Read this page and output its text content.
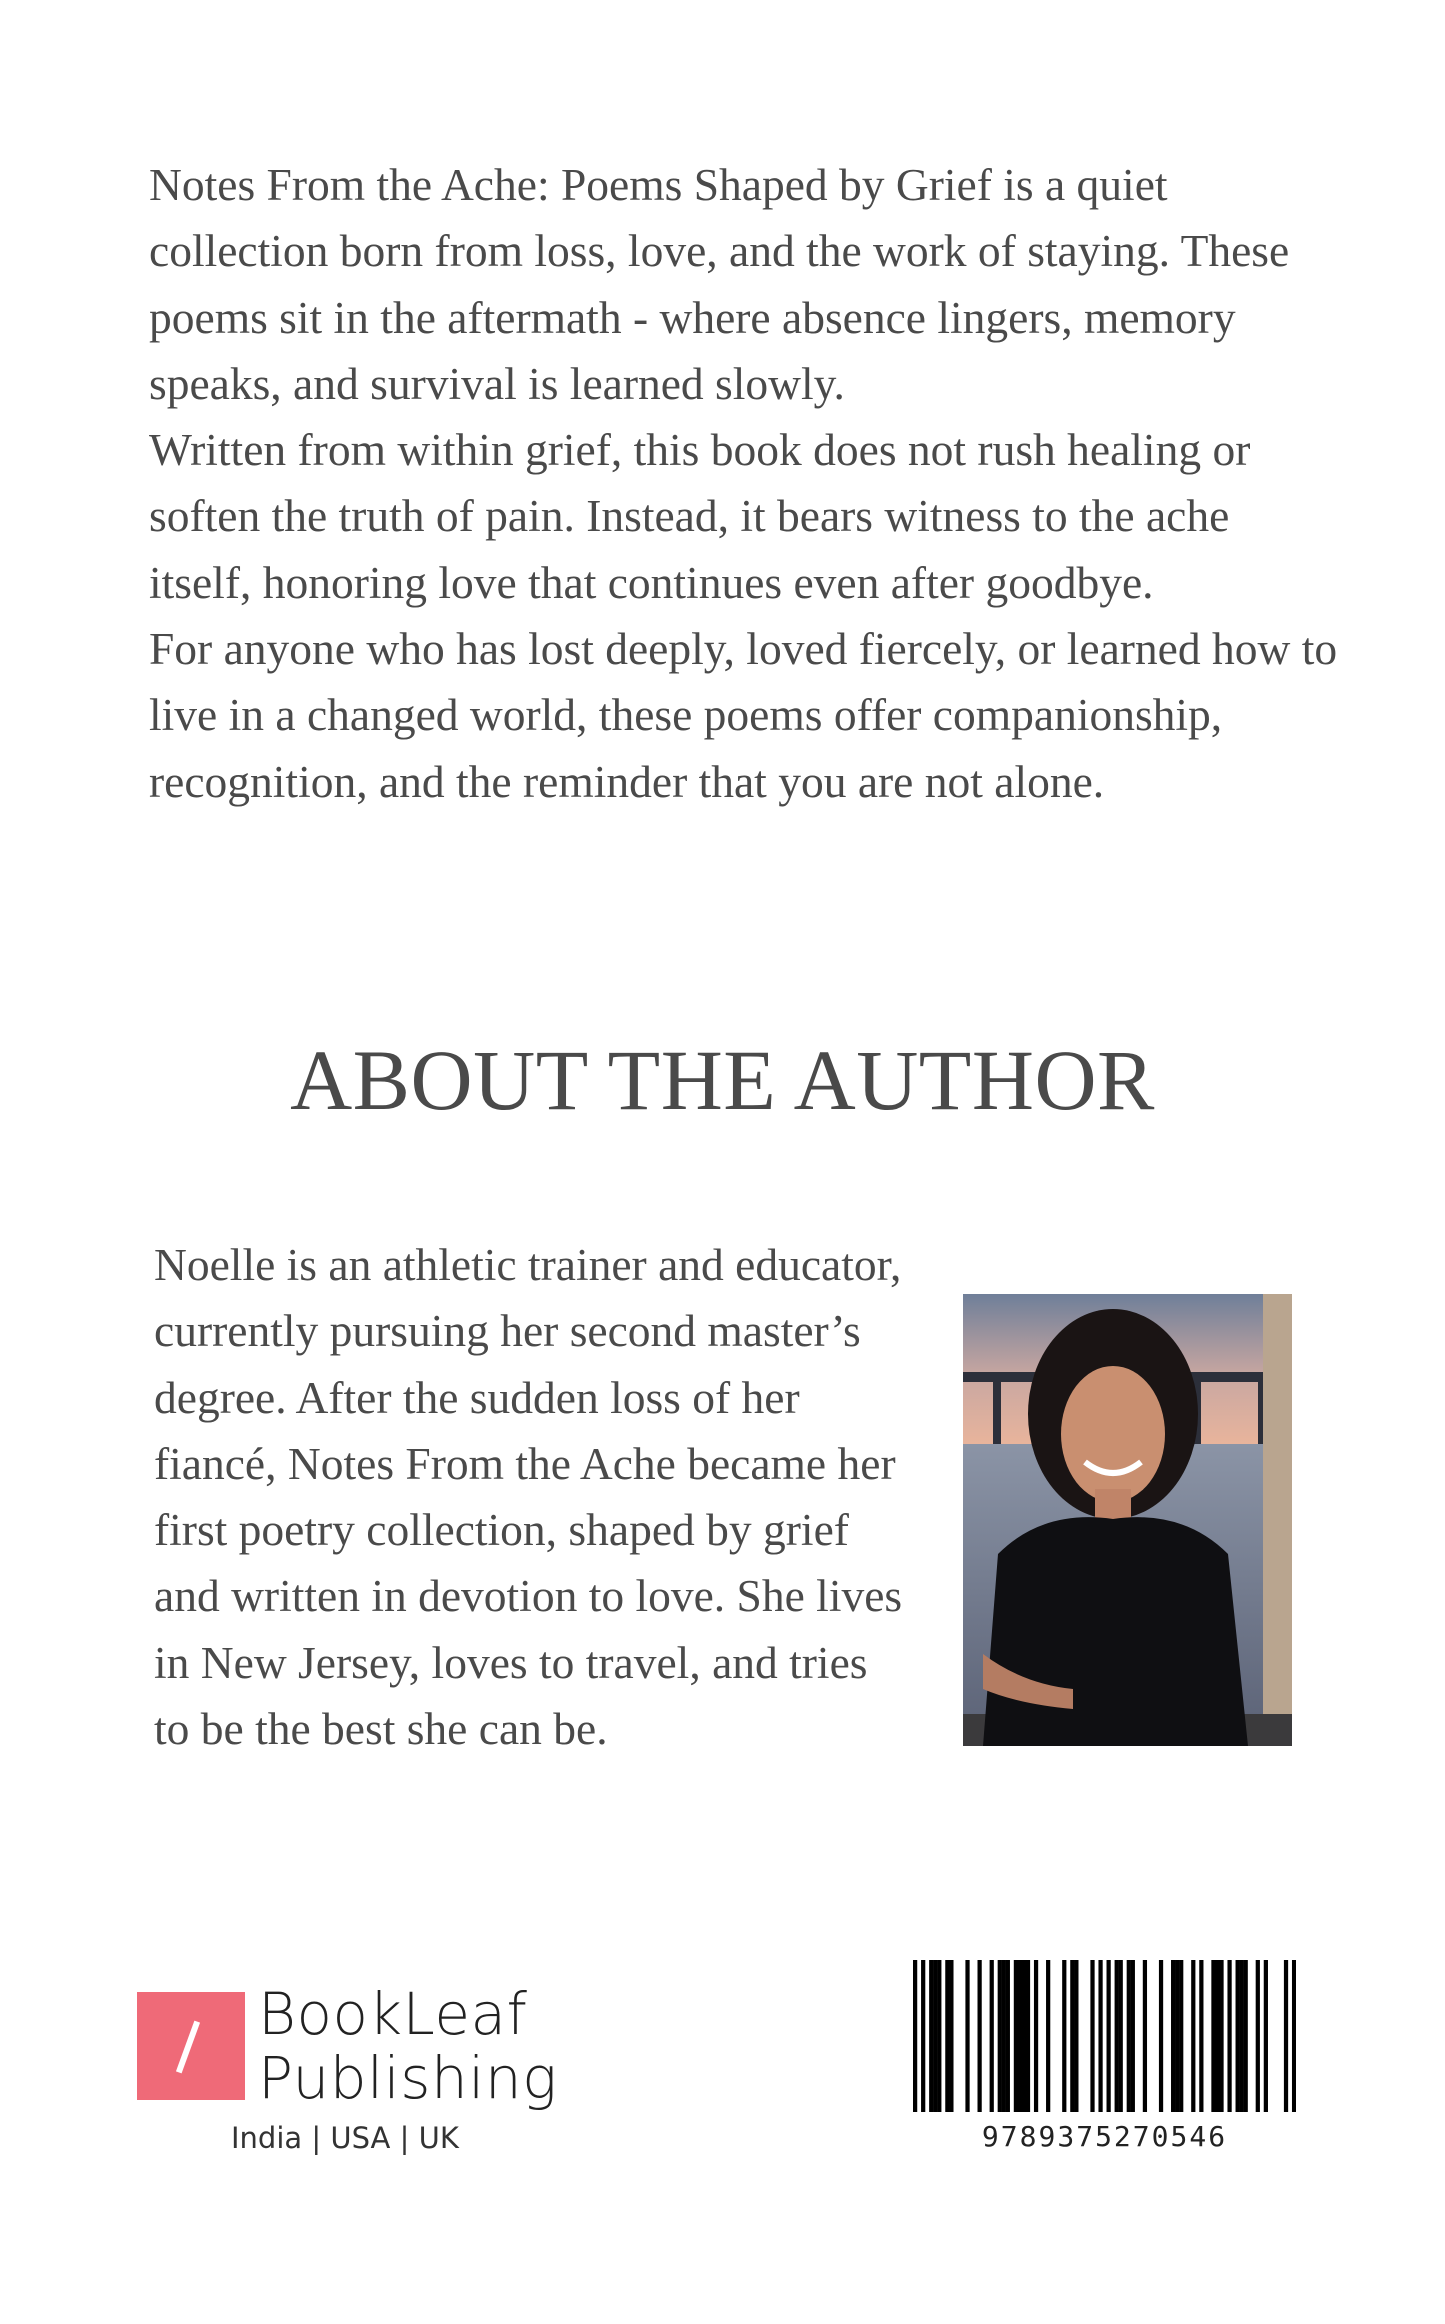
Notes From the Ache: Poems Shaped by Grief is a quiet collection born from loss, love, and the work of staying. These poems sit in the aftermath - where absence lingers, memory speaks, and survival is learned slowly.

Written from within grief, this book does not rush healing or soften the truth of pain. Instead, it bears witness to the ache itself, honoring love that continues even after goodbye.

For anyone who has lost deeply, loved fiercely, or learned how to live in a changed world, these poems offer companionship, recognition, and the reminder that you are not alone.

ABOUT THE AUTHOR

Noelle is an athletic trainer and educator, currently pursuing her second master’s degree. After the sudden loss of her fiancé, Notes From the Ache became her first poetry collection, shaped by grief and written in devotion to love. She lives in New Jersey, loves to travel, and tries to be the best she can be.

BookLeaf
Publishing
India | USA | UK	9789375270546
